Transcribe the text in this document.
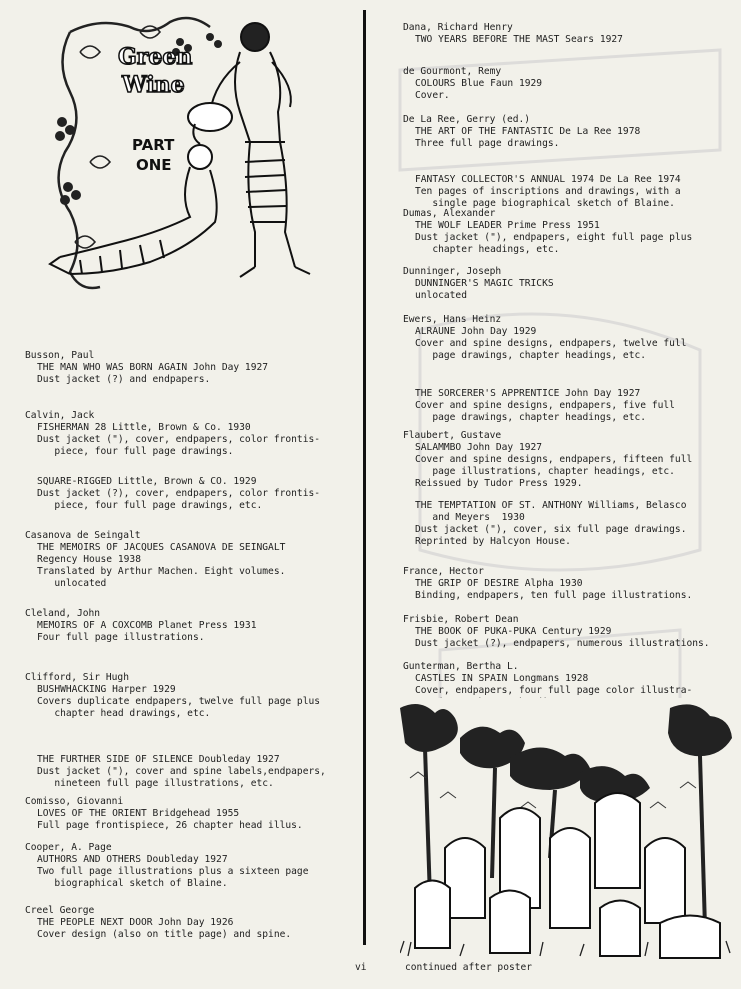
Green
Wine
PART
ONE
Busson, Paul
THE MAN WHO WAS BORN AGAIN John Day 1927
Dust jacket (?) and endpapers.
Calvin, Jack
FISHERMAN 28 Little, Brown & Co. 1930
Dust jacket ("), cover, endpapers, color frontis-
piece, four full page drawings.
SQUARE-RIGGED Little, Brown & CO. 1929
Dust jacket (?), cover, endpapers, color frontis-
piece, four full page drawings, etc.
Casanova de Seingalt
THE MEMOIRS OF JACQUES CASANOVA DE SEINGALT
Regency House 1938
Translated by Arthur Machen. Eight volumes.
unlocated
Cleland, John
MEMOIRS OF A COXCOMB Planet Press 1931
Four full page illustrations.
Clifford, Sir Hugh
BUSHWHACKING Harper 1929
Covers duplicate endpapers, twelve full page plus
chapter head drawings, etc.
THE FURTHER SIDE OF SILENCE Doubleday 1927
Dust jacket ("), cover and spine labels,endpapers,
nineteen full page illustrations, etc.
Comisso, Giovanni
LOVES OF THE ORIENT Bridgehead 1955
Full page frontispiece, 26 chapter head illus.
Cooper, A. Page
AUTHORS AND OTHERS Doubleday 1927
Two full page illustrations plus a sixteen page
biographical sketch of Blaine.
Creel George
THE PEOPLE NEXT DOOR John Day 1926
Cover design (also on title page) and spine.
Dana, Richard Henry
TWO YEARS BEFORE THE MAST Sears 1927
de Gourmont, Remy
COLOURS Blue Faun 1929
Cover.
De La Ree, Gerry (ed.)
THE ART OF THE FANTASTIC De La Ree 1978
Three full page drawings.
FANTASY COLLECTOR'S ANNUAL 1974 De La Ree 1974
Ten pages of inscriptions and drawings, with a
single page biographical sketch of Blaine.
Dumas, Alexander
THE WOLF LEADER Prime Press 1951
Dust jacket ("), endpapers, eight full page plus
chapter headings, etc.
Dunninger, Joseph
DUNNINGER'S MAGIC TRICKS
unlocated
Ewers, Hans Heinz
ALRAUNE John Day 1929
Cover and spine designs, endpapers, twelve full
page drawings, chapter headings, etc.
THE SORCERER'S APPRENTICE John Day 1927
Cover and spine designs, endpapers, five full
page drawings, chapter headings, etc.
Flaubert, Gustave
SALAMMBO John Day 1927
Cover and spine designs, endpapers, fifteen full
page illustrations, chapter headings, etc.
Reissued by Tudor Press 1929.
THE TEMPTATION OF ST. ANTHONY Williams, Belasco
and Meyers  1930
Dust jacket ("), cover, six full page drawings.
Reprinted by Halcyon House.
France, Hector
THE GRIP OF DESIRE Alpha 1930
Binding, endpapers, ten full page illustrations.
Frisbie, Robert Dean
THE BOOK OF PUKA-PUKA Century 1929
Dust jacket (?), endpapers, numerous illustrations.
Gunterman, Bertha L.
CASTLES IN SPAIN Longmans 1928
Cover, endpapers, four full page color illustra-
vi	continued after poster
